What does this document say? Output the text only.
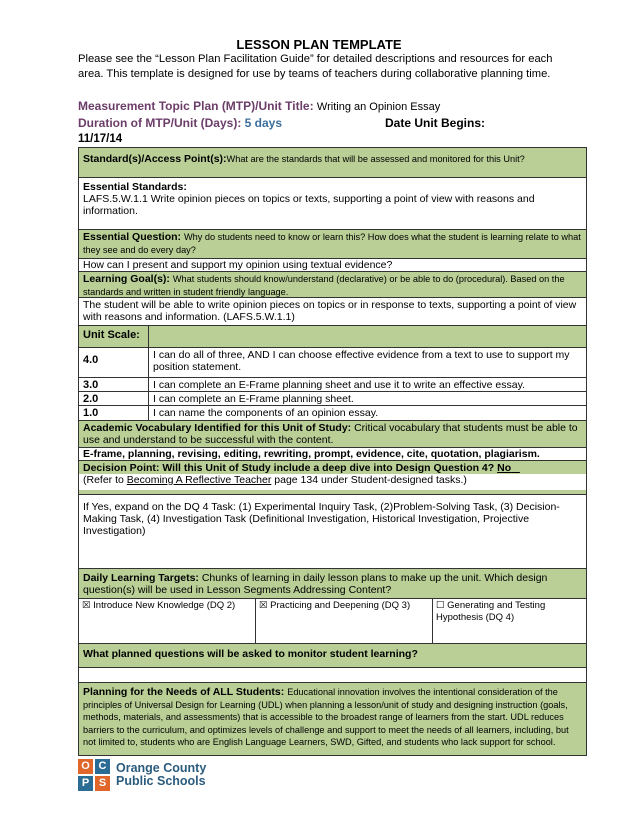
LESSON PLAN TEMPLATE
Please see the “Lesson Plan Facilitation Guide” for detailed descriptions and resources for each area. This template is designed for use by teams of teachers during collaborative planning time.
Measurement Topic Plan (MTP)/Unit Title: Writing an Opinion Essay
Duration of MTP/Unit (Days): 5 days	Date Unit Begins:
11/17/14
Standard(s)/Access Point(s):What are the standards that will be assessed and monitored for this Unit?
Essential Standards:
LAFS.5.W.1.1 Write opinion pieces on topics or texts, supporting a point of view with reasons and information.
Essential Question: Why do students need to know or learn this? How does what the student is learning relate to what they see and do every day?
How can I present and support my opinion using textual evidence?
Learning Goal(s): What students should know/understand (declarative) or be able to do (procedural). Based on the standards and written in student friendly language.
The student will be able to write opinion pieces on topics or in response to texts, supporting a point of view with reasons and information. (LAFS.5.W.1.1)
Unit Scale:
4.0	I can do all of three, AND I can choose effective evidence from a text to use to support my position statement.
3.0	I can complete an E-Frame planning sheet and use it to write an effective essay.
2.0	I can complete an E-Frame planning sheet.
1.0	I can name the components of an opinion essay.
Academic Vocabulary Identified for this Unit of Study: Critical vocabulary that students must be able to use and understand to be successful with the content.
E-frame, planning, revising, editing, rewriting, prompt, evidence, cite, quotation, plagiarism.
Decision Point: Will this Unit of Study include a deep dive into Design Question 4? No
(Refer to Becoming A Reflective Teacher page 134 under Student-designed tasks.)
If Yes, expand on the DQ 4 Task: (1) Experimental Inquiry Task, (2)Problem-Solving Task, (3) Decision-Making Task, (4) Investigation Task (Definitional Investigation, Historical Investigation, Projective Investigation)
Daily Learning Targets: Chunks of learning in daily lesson plans to make up the unit. Which design question(s) will be used in Lesson Segments Addressing Content?
☒ Introduce New Knowledge (DQ 2)	☒ Practicing and Deepening (DQ 3)	☐ Generating and Testing Hypothesis (DQ 4)
What planned questions will be asked to monitor student learning?
Planning for the Needs of ALL Students: Educational innovation involves the intentional consideration of the principles of Universal Design for Learning (UDL) when planning a lesson/unit of study and designing instruction (goals, methods, materials, and assessments) that is accessible to the broadest range of learners from the start. UDL reduces barriers to the curriculum, and optimizes levels of challenge and support to meet the needs of all learners, including, but not limited to, students who are English Language Learners, SWD, Gifted, and students who lack support for school.
O C
P S
Orange County
Public Schools
